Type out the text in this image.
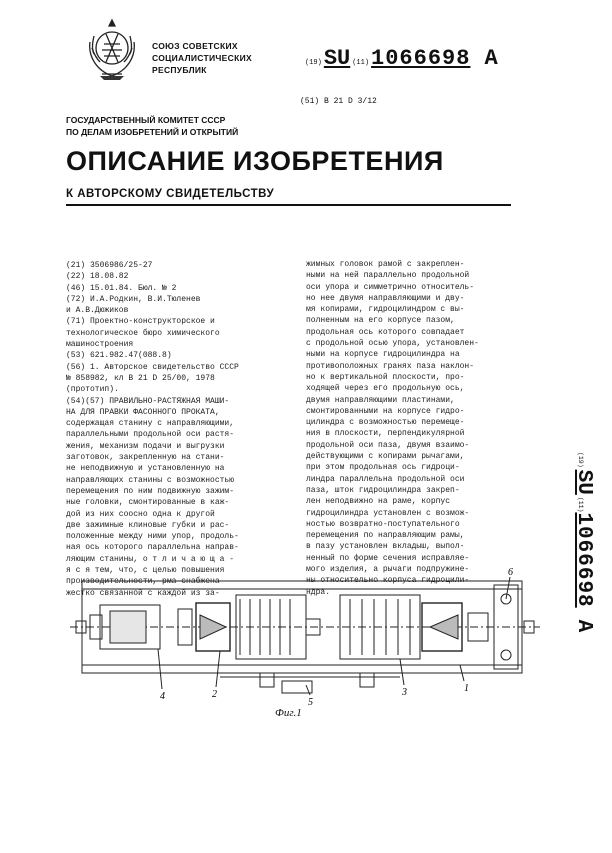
СОЮЗ СОВЕТСКИХ
СОЦИАЛИСТИЧЕСКИХ
РЕСПУБЛИК
(19) SU (11) 1066698 A
(51) B 21 D 3/12
ГОСУДАРСТВЕННЫЙ КОМИТЕТ СССР
ПО ДЕЛАМ ИЗОБРЕТЕНИЙ И ОТКРЫТИЙ
ОПИСАНИЕ ИЗОБРЕТЕНИЯ
К АВТОРСКОМУ СВИДЕТЕЛЬСТВУ
(21) 3506986/25-27
(22) 18.08.82
(46) 15.01.84. Бюл. № 2
(72) И.А.Родкин, В.И.Тюленев
и А.В.Дюжиков
(71) Проектно-конструкторское и
технологическое бюро химического
машиностроения
(53) 621.982.47(088.8)
(56) 1. Авторское свидетельство СССР
№ 858982, кл В 21 D 25/00, 1978
(прототип).
(54)(57) ПРАВИЛЬНО-РАСТЯЖНАЯ МАШИ-
НА ДЛЯ ПРАВКИ ФАСОННОГО ПРОКАТА,
содержащая станину с направляющими,
параллельными продольной оси растя-
жения, механизм подачи и выгрузки
заготовок, закрепленную на стани-
не неподвижную и установленную на
направляющих станины с возможностью
перемещения по ним подвижную зажим-
ные головки, смонтированные в каж-
дой из них соосно одна к другой
две зажимные клиновые губки и рас-
положенные между ними упор, продоль-
ная ось которого параллельна направ-
ляющим станины, о т л и ч а ю щ а -
я с я тем, что, с целью повышения
производительности, рма снабжена
жестко связанной с каждой из за-
жимных головок рамой с закреплен-
ными на ней параллельно продольной
оси упора и симметрично относитель-
но нее двумя направляющими и дву-
мя копирами, гидроцилиндром с вы-
полненным на его корпусе пазом,
продольная ось которого совпадает
с продольной осью упора, установлен-
ными на корпусе гидроцилиндра на
противоположных гранях паза наклон-
но к вертикальной плоскости, про-
ходящей через его продольную ось,
двумя направляющими пластинами,
смонтированными на корпусе гидро-
цилиндра с возможностью перемеще-
ния в плоскости, перпендикулярной
продольной оси паза, двумя взаимо-
действующими с копирами рычагами,
при этом продольная ось гидроци-
линдра параллельна продольной оси
паза, шток гидроцилиндра закреп-
лен неподвижно на раме, корпус
гидроцилиндра установлен с возмож-
ностью возвратно-поступательного
перемещения по направляющим рамы,
в пазу установлен вкладыш, выпол-
ненный по форме сечения исправляе-
мого изделия, а рычаги подпружине-
ны относительно корпуса гидроцили-
ндра.
(19)
SU
(11)
1066698
A
4	2
5
3	1
6
Фиг.1
